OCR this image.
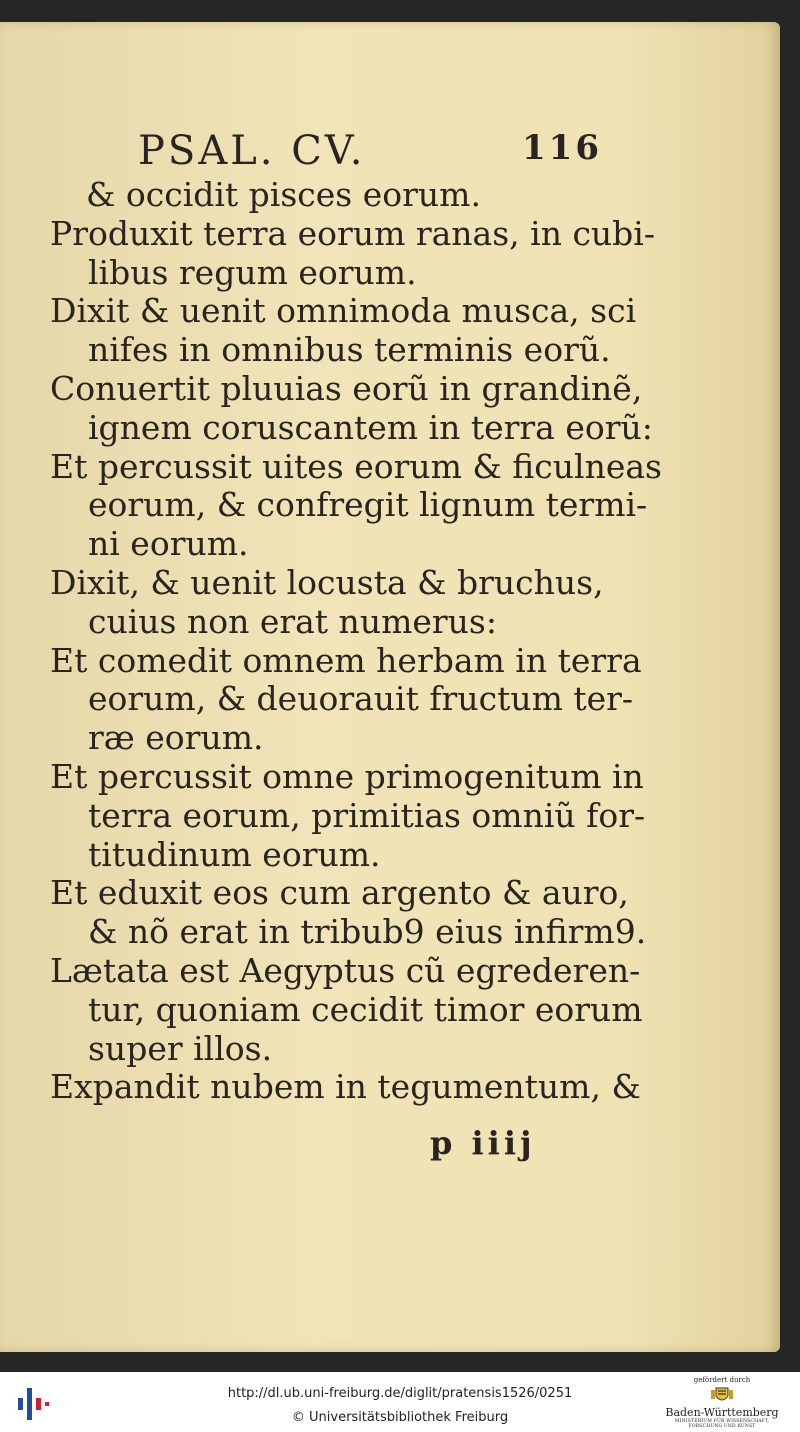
PSAL. CV.	116
& occidit pisces eorum.
Produxit terra eorum ranas, in cubi-
libus regum eorum.
Dixit & uenit omnimoda musca, sci
nifes in omnibus terminis eorũ.
Conuertit pluuias eorũ in grandinẽ,
ignem coruscantem in terra eorũ:
Et percussit uites eorum & ficulneas
eorum, & confregit lignum termi-
ni eorum.
Dixit, & uenit locusta & bruchus,
cuius non erat numerus:
Et comedit omnem herbam in terra
eorum, & deuorauit fructum ter-
ræ eorum.
Et percussit omne primogenitum in
terra eorum, primitias omniũ for-
titudinum eorum.
Et eduxit eos cum argento & auro,
& nõ erat in tribub9 eius infirm9.
Lætata est Aegyptus cũ egrederen-
tur, quoniam cecidit timor eorum
super illos.
Expandit nubem in tegumentum, &
p iiij
http://dl.ub.uni-freiburg.de/diglit/pratensis1526/0251
© Universitätsbibliothek Freiburg
gefördert durch
Baden-Württemberg
MINISTERIUM FÜR WISSENSCHAFT, FORSCHUNG UND KUNST
